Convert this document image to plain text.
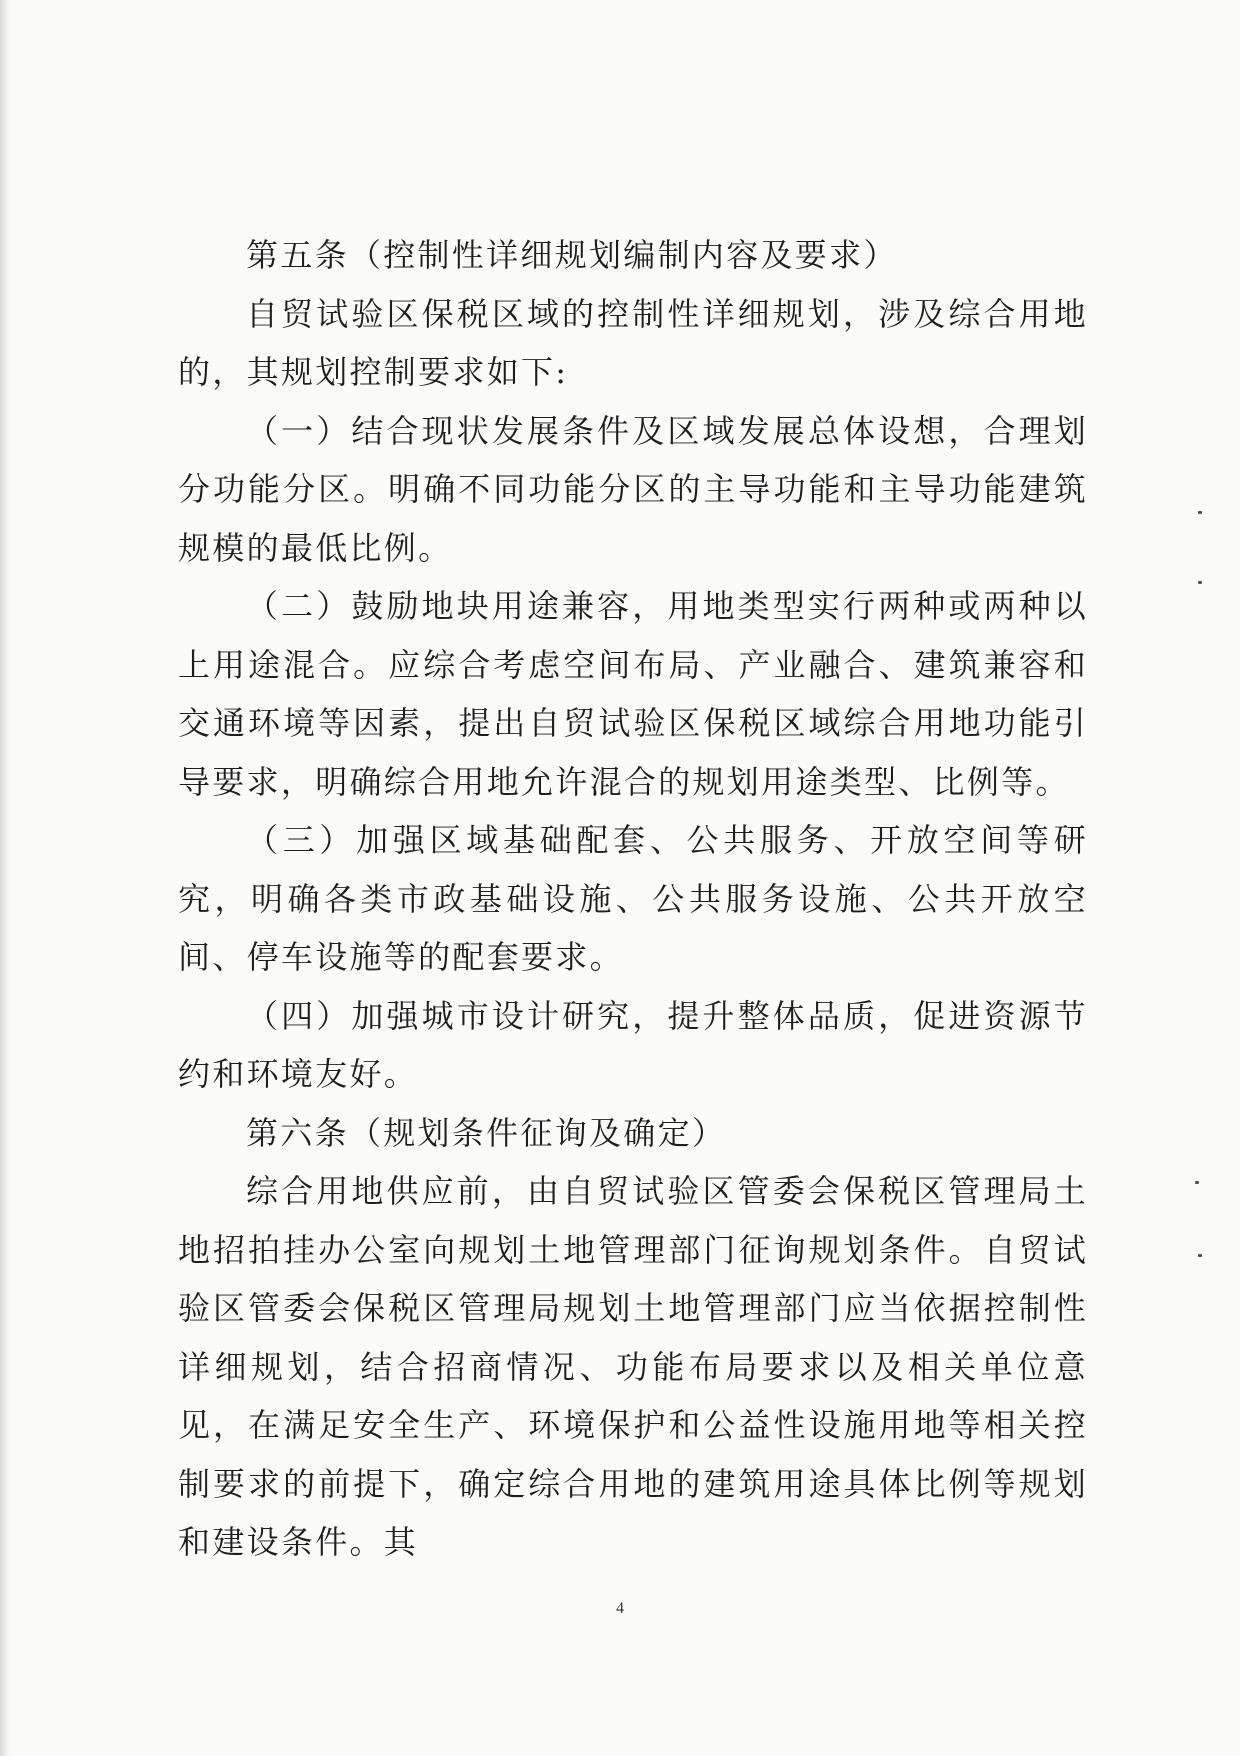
第五条（控制性详细规划编制内容及要求）

自贸试验区保税区域的控制性详细规划，涉及综合用地的，其规划控制要求如下:

（一）结合现状发展条件及区域发展总体设想，合理划分功能分区。明确不同功能分区的主导功能和主导功能建筑规模的最低比例。

（二）鼓励地块用途兼容，用地类型实行两种或两种以上用途混合。应综合考虑空间布局、产业融合、建筑兼容和交通环境等因素，提出自贸试验区保税区域综合用地功能引导要求，明确综合用地允许混合的规划用途类型、比例等。

（三）加强区域基础配套、公共服务、开放空间等研究，明确各类市政基础设施、公共服务设施、公共开放空间、停车设施等的配套要求。

（四）加强城市设计研究，提升整体品质，促进资源节约和环境友好。

第六条（规划条件征询及确定）

综合用地供应前，由自贸试验区管委会保税区管理局土地招拍挂办公室向规划土地管理部门征询规划条件。自贸试验区管委会保税区管理局规划土地管理部门应当依据控制性详细规划，结合招商情况、功能布局要求以及相关单位意见，在满足安全生产、环境保护和公益性设施用地等相关控制要求的前提下，确定综合用地的建筑用途具体比例等规划和建设条件。其

4
